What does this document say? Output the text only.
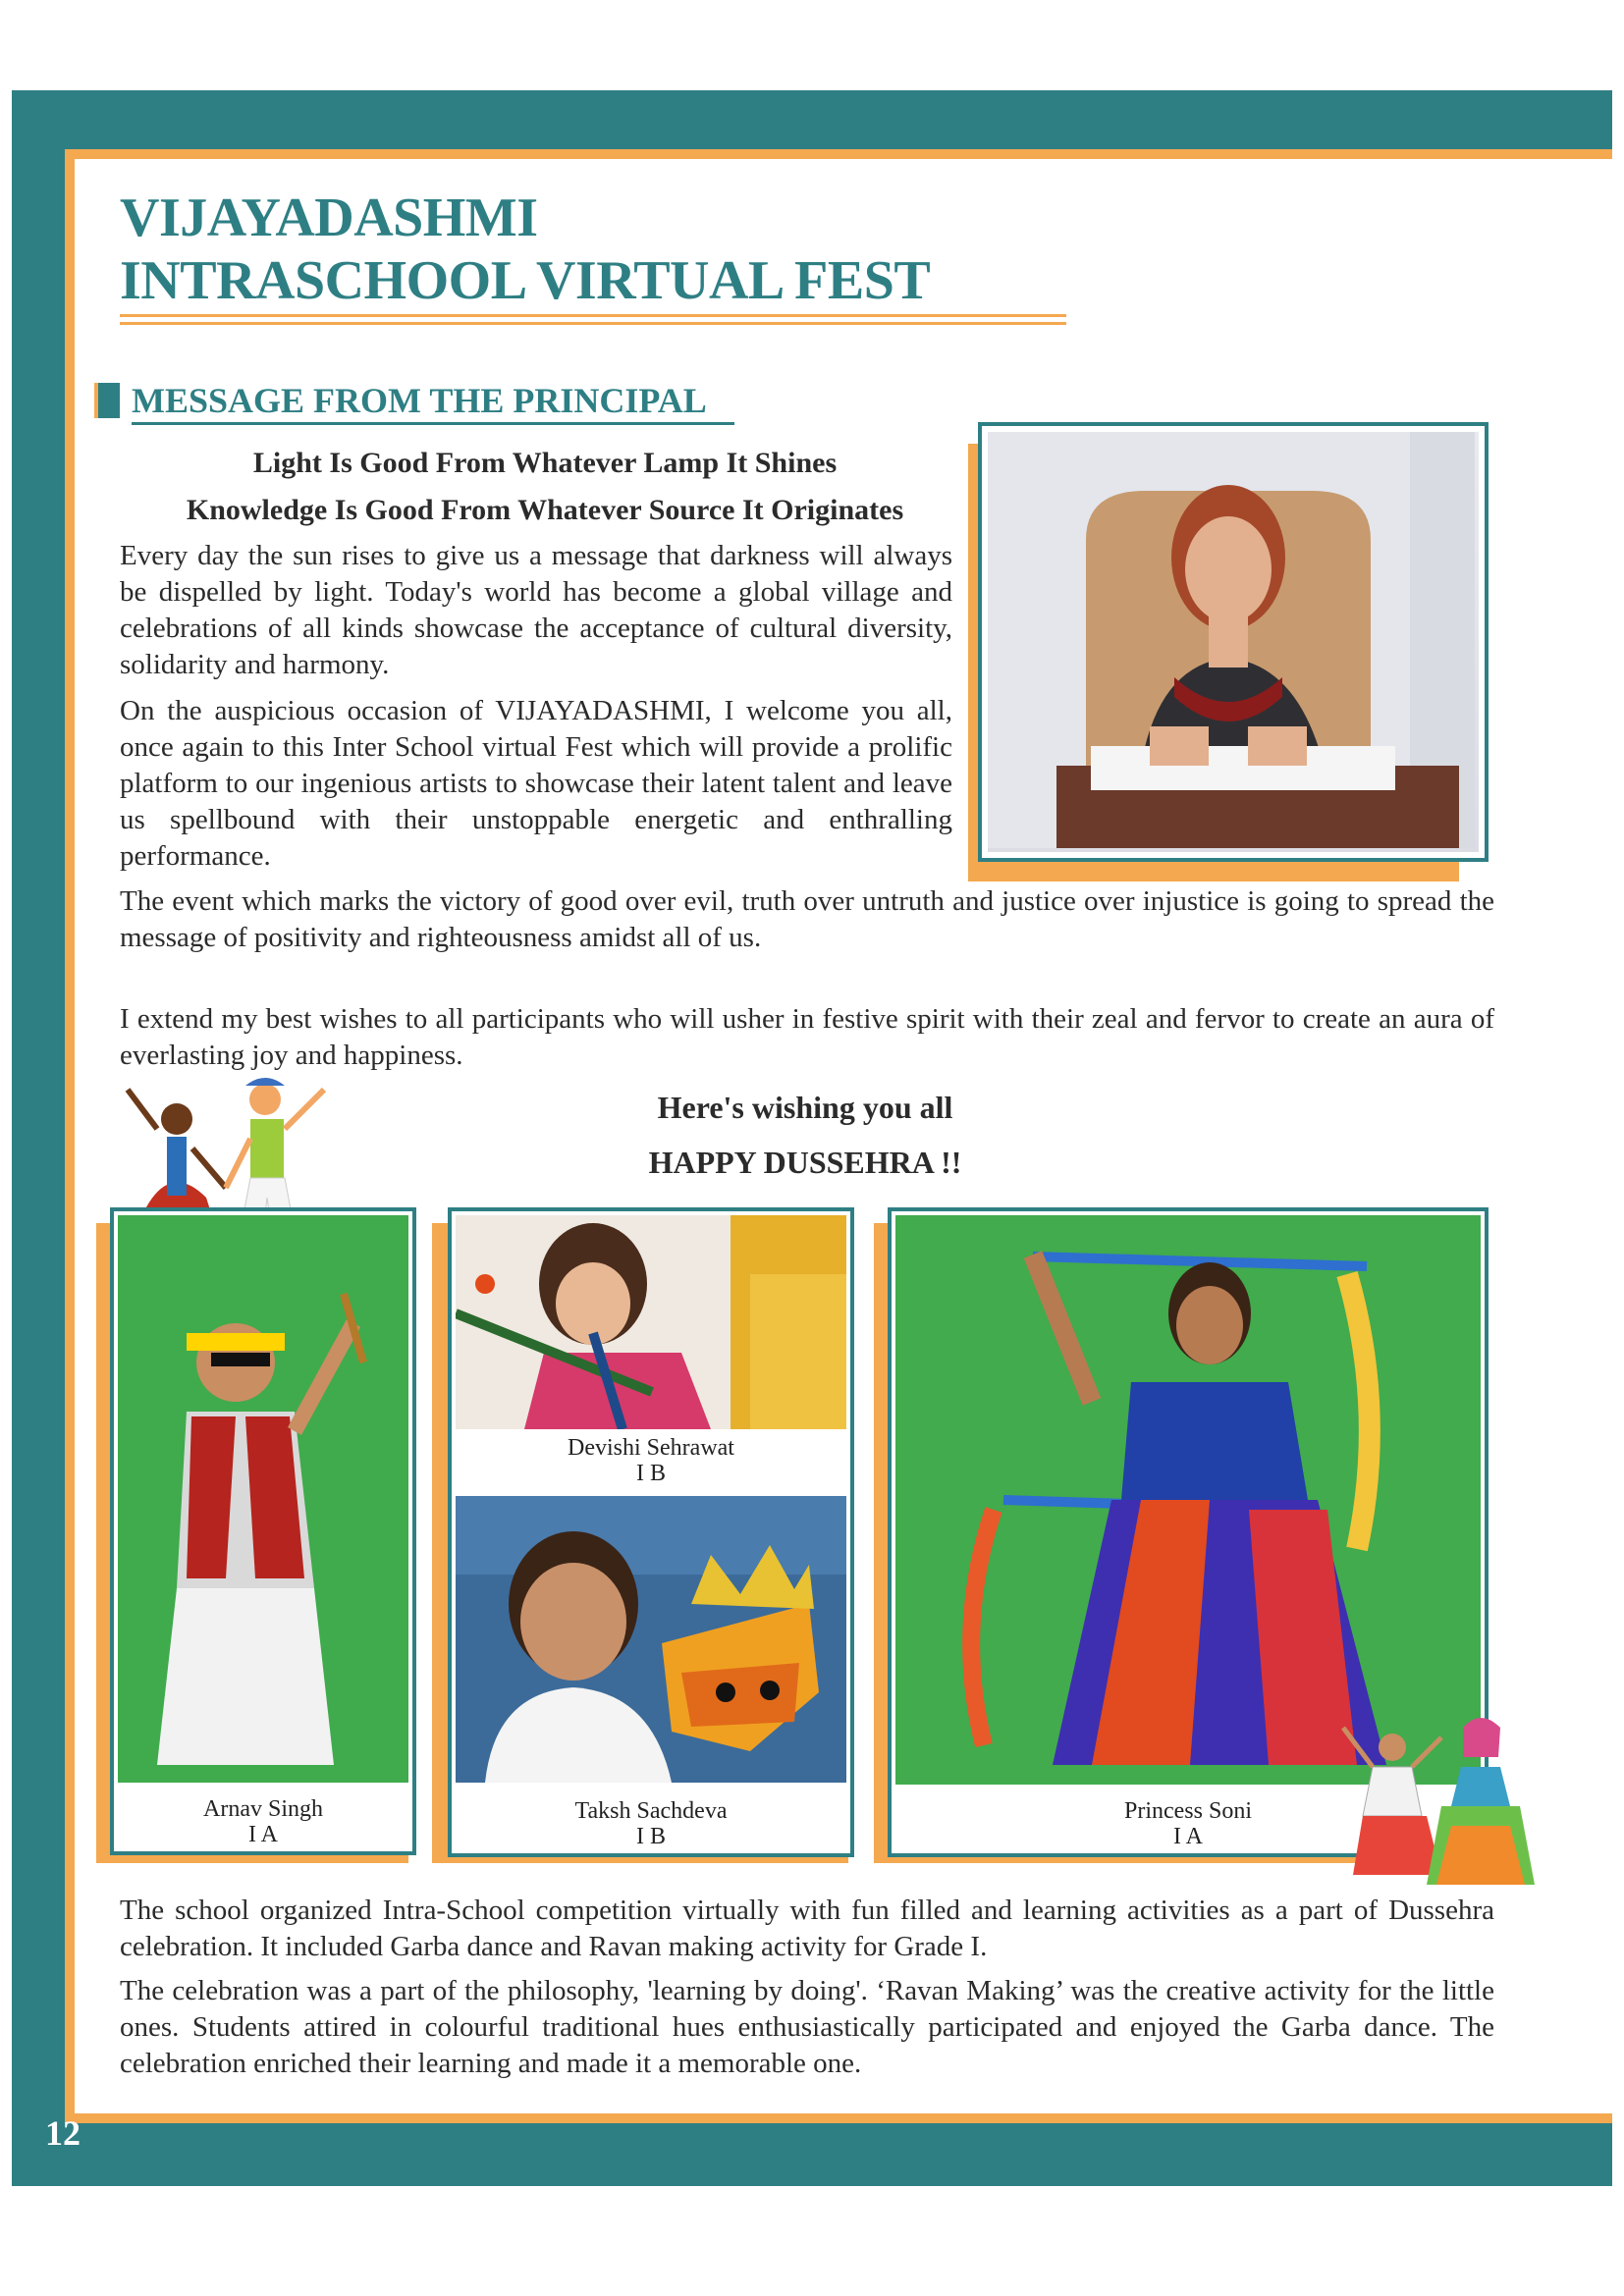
12
VIJAYADASHMI
INTRASCHOOL VIRTUAL FEST
MESSAGE FROM THE PRINCIPAL

Light Is Good From Whatever Lamp It Shines

Knowledge Is Good From Whatever Source It Originates

Every day the sun rises to give us a message that darkness will always be dispelled by light. Today's world has become a global village and celebrations of all kinds showcase the acceptance of cultural diversity, solidarity and harmony.

On the auspicious occasion of VIJAYADASHMI, I welcome you all, once again to this Inter School virtual Fest which will provide a prolific platform to our ingenious artists to showcase their latent talent and leave us spellbound with their unstoppable energetic and enthralling performance.

The event which marks the victory of good over evil, truth over untruth and justice over injustice is going to spread the message of positivity and righteousness amidst all of us.

I extend my best wishes to all participants who will usher in festive spirit with their zeal and fervor to create an aura of everlasting joy and happiness.

Here's wishing you all

HAPPY DUSSEHRA !!

Arnav Singh
I A
Devishi Sehrawat
I B
Taksh Sachdeva
I B
Princess Soni
I A

The school organized Intra-School competition virtually with fun filled and learning activities as a part of Dussehra celebration. It included Garba dance and Ravan making activity for Grade I.

The celebration was a part of the philosophy, 'learning by doing'. ‘Ravan Making’ was the creative activity for the little ones. Students attired in colourful traditional hues enthusiastically participated and enjoyed the Garba dance. The celebration enriched their learning and made it a memorable one.
